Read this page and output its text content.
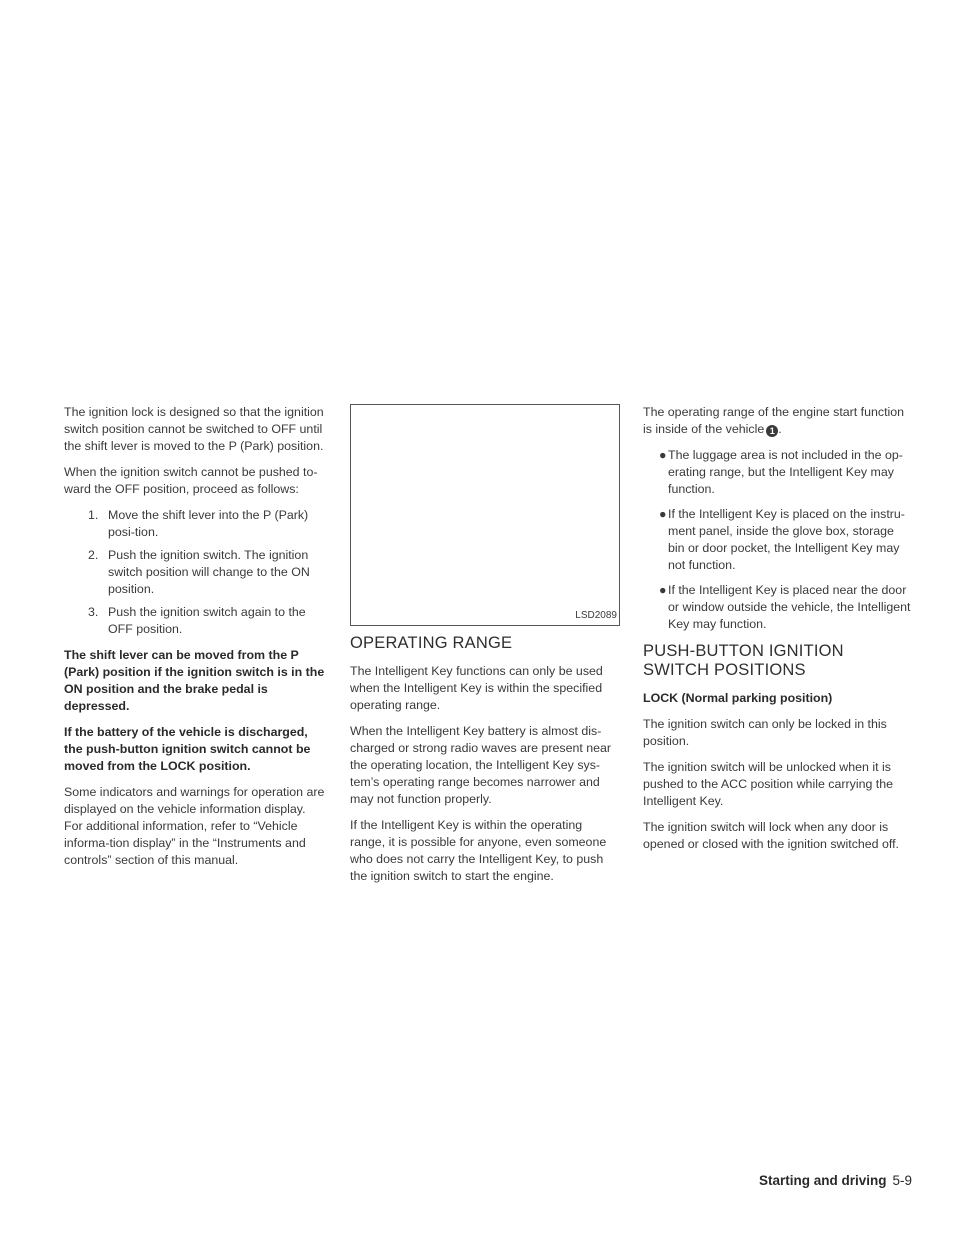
The ignition lock is designed so that the ignition switch position cannot be switched to OFF until the shift lever is moved to the P (Park) position.

When the ignition switch cannot be pushed to-ward the OFF position, proceed as follows:

1. Move the shift lever into the P (Park) posi-tion.
2. Push the ignition switch. The ignition switch position will change to the ON position.
3. Push the ignition switch again to the OFF position.

The shift lever can be moved from the P (Park) position if the ignition switch is in the ON position and the brake pedal is depressed.

If the battery of the vehicle is discharged, the push-button ignition switch cannot be moved from the LOCK position.

Some indicators and warnings for operation are displayed on the vehicle information display. For additional information, refer to “Vehicle informa-tion display” in the “Instruments and controls” section of this manual.

LSD2089
OPERATING RANGE

The Intelligent Key functions can only be used when the Intelligent Key is within the specified operating range.

When the Intelligent Key battery is almost dis-charged or strong radio waves are present near the operating location, the Intelligent Key sys-tem’s operating range becomes narrower and may not function properly.

If the Intelligent Key is within the operating range, it is possible for anyone, even someone who does not carry the Intelligent Key, to push the ignition switch to start the engine.

The operating range of the engine start function is inside of the vehicle 1 .

● The luggage area is not included in the op-erating range, but the Intelligent Key may function.
● If the Intelligent Key is placed on the instru-ment panel, inside the glove box, storage bin or door pocket, the Intelligent Key may not function.
● If the Intelligent Key is placed near the door or window outside the vehicle, the Intelligent Key may function.
PUSH-BUTTON IGNITION SWITCH POSITIONS
LOCK (Normal parking position)

The ignition switch can only be locked in this position.

The ignition switch will be unlocked when it is pushed to the ACC position while carrying the Intelligent Key.

The ignition switch will lock when any door is opened or closed with the ignition switched off.

Starting and driving 5-9
